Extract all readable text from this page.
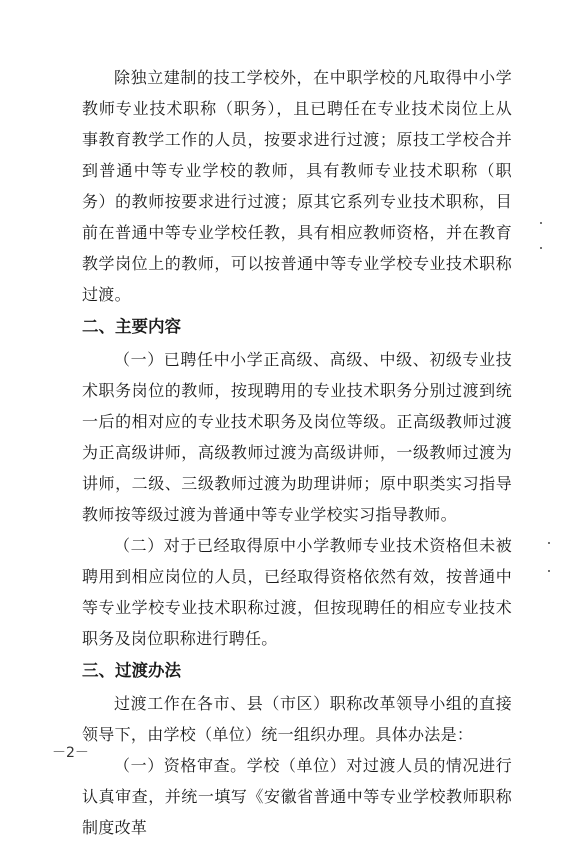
除独立建制的技工学校外，在中职学校的凡取得中小学教师专业技术职称（职务），且已聘任在专业技术岗位上从事教育教学工作的人员，按要求进行过渡；原技工学校合并到普通中等专业学校的教师，具有教师专业技术职称（职务）的教师按要求进行过渡；原其它系列专业技术职称，目前在普通中等专业学校任教，具有相应教师资格，并在教育教学岗位上的教师，可以按普通中等专业学校专业技术职称过渡。

二、主要内容

（一）已聘任中小学正高级、高级、中级、初级专业技术职务岗位的教师，按现聘用的专业技术职务分别过渡到统一后的相对应的专业技术职务及岗位等级。正高级教师过渡为正高级讲师，高级教师过渡为高级讲师，一级教师过渡为讲师，二级、三级教师过渡为助理讲师；原中职类实习指导教师按等级过渡为普通中等专业学校实习指导教师。

（二）对于已经取得原中小学教师专业技术资格但未被聘用到相应岗位的人员，已经取得资格依然有效，按普通中等专业学校专业技术职称过渡，但按现聘任的相应专业技术职务及岗位职称进行聘任。

三、过渡办法

过渡工作在各市、县（市区）职称改革领导小组的直接领导下，由学校（单位）统一组织办理。具体办法是：

（一）资格审查。学校（单位）对过渡人员的情况进行认真审查，并统一填写《安徽省普通中等专业学校教师职称制度改革

－2－
